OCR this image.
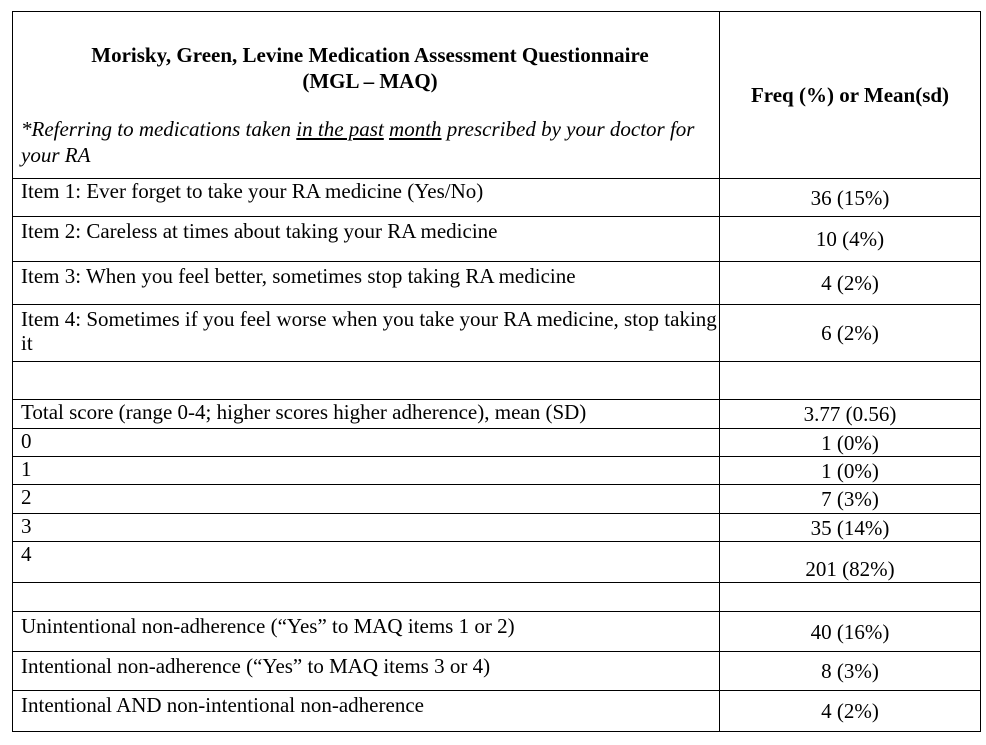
Morisky, Green, Levine Medication Assessment Questionnaire
(MGL – MAQ)
*Referring to medications taken in the past month prescribed by your doctor for your RA	Freq (%) or Mean(sd)
Item 1: Ever forget to take your RA medicine (Yes/No)	36 (15%)
Item 2: Careless at times about taking your RA medicine	10 (4%)
Item 3: When you feel better, sometimes stop taking RA medicine	4 (2%)
Item 4: Sometimes if you feel worse when you take your RA medicine, stop taking it	6 (2%)

Total score (range 0-4; higher scores higher adherence), mean (SD)	3.77 (0.56)
0	1 (0%)
1	1 (0%)
2	7 (3%)
3	35 (14%)
4	201 (82%)

Unintentional non-adherence (“Yes” to MAQ items 1 or 2)	40 (16%)
Intentional non-adherence (“Yes” to MAQ items 3 or 4)	8 (3%)
Intentional AND non-intentional non-adherence	4 (2%)
